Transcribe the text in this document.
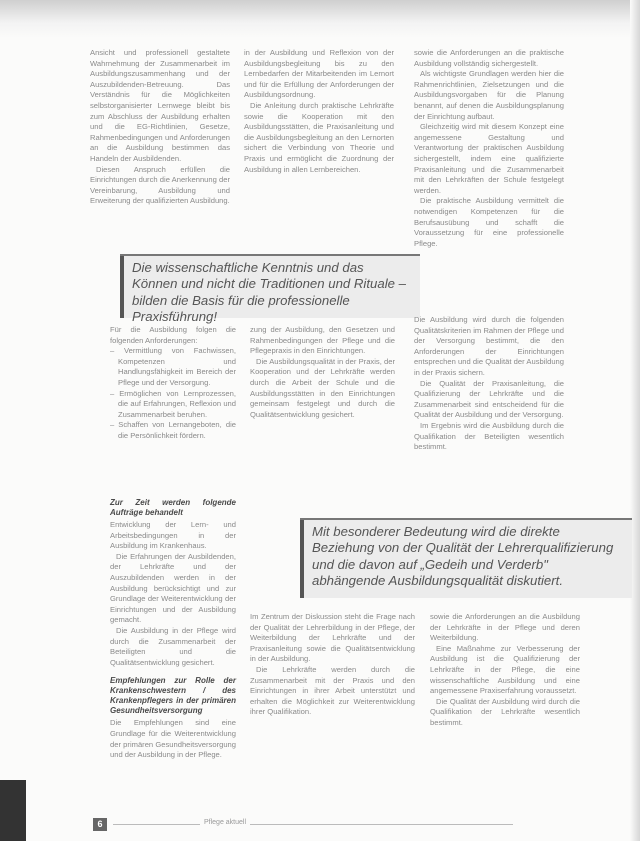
Ansicht und professionell gestaltete Wahrnehmung der Zusammenarbeit im Ausbildungszusammenhang und der Auszubildenden-Betreuung. Das Verständnis für die Möglichkeiten selbstorganisierter Lernwege bleibt bis zum Abschluss der Ausbildung erhalten und die EG-Richtlinien, Gesetze, Rahmenbedingungen und Anforderungen an die Ausbildung bestimmen das Handeln der Ausbildenden.

Diesen Anspruch erfüllen die Einrichtungen durch die Anerkennung der Vereinbarung, Ausbildung und Erweiterung der qualifizierten Ausbildung.

in der Ausbildung und Reflexion von der Ausbildungsbegleitung bis zu den Lernbedarfen der Mitarbeitenden im Lernort und für die Erfüllung der Anforderungen der Ausbildungsordnung.

Die Anleitung durch praktische Lehrkräfte sowie die Kooperation mit den Ausbildungsstätten, die Praxisanleitung und die Ausbildungsbegleitung an den Lernorten sichert die Verbindung von Theorie und Praxis und ermöglicht die Zuordnung der Ausbildung in allen Lernbereichen.

sowie die Anforderungen an die praktische Ausbildung vollständig sichergestellt.

Als wichtigste Grundlagen werden hier die Rahmenrichtlinien, Zielsetzungen und die Ausbildungsvorgaben für die Planung benannt, auf denen die Ausbildungsplanung der Einrichtung aufbaut.

Gleichzeitig wird mit diesem Konzept eine angemessene Gestaltung und Verantwortung der praktischen Ausbildung sichergestellt, indem eine qualifizierte Praxisanleitung und die Zusammenarbeit mit den Lehrkräften der Schule festgelegt werden.

Die praktische Ausbildung vermittelt die notwendigen Kompetenzen für die Berufsausübung und schafft die Voraussetzung für eine professionelle Pflege.

Die wissenschaftliche Kenntnis und das Können und nicht die Traditionen und Rituale – bilden die Basis für die professionelle Praxisführung!

Für die Ausbildung folgen die folgenden Anforderungen:

– Vermittlung von Fachwissen, Kompetenzen und Handlungsfähigkeit im Bereich der Pflege und der Versorgung.

– Ermöglichen von Lernprozessen, die auf Erfahrungen, Reflexion und Zusammenarbeit beruhen.

– Schaffen von Lernangeboten, die die Persönlichkeit fördern.

zung der Ausbildung, den Gesetzen und Rahmenbedingungen der Pflege und die Pflegepraxis in den Einrichtungen.

Die Ausbildungsqualität in der Praxis, der Kooperation und der Lehrkräfte werden durch die Arbeit der Schule und die Ausbildungsstätten in den Einrichtungen gemeinsam festgelegt und durch die Qualitätsentwicklung gesichert.

Die Ausbildung wird durch die folgenden Qualitätskriterien im Rahmen der Pflege und der Versorgung bestimmt, die den Anforderungen der Einrichtungen entsprechen und die Qualität der Ausbildung in der Praxis sichern.

Die Qualität der Praxisanleitung, die Qualifizierung der Lehrkräfte und die Zusammenarbeit sind entscheidend für die Qualität der Ausbildung und der Versorgung.

Im Ergebnis wird die Ausbildung durch die Qualifikation der Beteiligten wesentlich bestimmt.

Zur Zeit werden folgende Aufträge behandelt

Entwicklung der Lern- und Arbeitsbedingungen in der Ausbildung im Krankenhaus.

Die Erfahrungen der Ausbildenden, der Lehrkräfte und der Auszubildenden werden in der Ausbildung berücksichtigt und zur Grundlage der Weiterentwicklung der Einrichtungen und der Ausbildung gemacht.

Die Ausbildung in der Pflege wird durch die Zusammenarbeit der Beteiligten und die Qualitätsentwicklung gesichert.

Empfehlungen zur Rolle der Krankenschwestern / des Krankenpflegers in der primären Gesundheitsversorgung

Die Empfehlungen sind eine Grundlage für die Weiterentwicklung der primären Gesundheitsversorgung und der Ausbildung in der Pflege.

Mit besonderer Bedeutung wird die direkte Beziehung von der Qualität der Lehrerqualifizierung und die davon auf „Gedeih und Verderb" abhängende Ausbildungsqualität diskutiert.

Im Zentrum der Diskussion steht die Frage nach der Qualität der Lehrerbildung in der Pflege, der Weiterbildung der Lehrkräfte und der Praxisanleitung sowie die Qualitätsentwicklung in der Ausbildung.

Die Lehrkräfte werden durch die Zusammenarbeit mit der Praxis und den Einrichtungen in ihrer Arbeit unterstützt und erhalten die Möglichkeit zur Weiterentwicklung ihrer Qualifikation.

sowie die Anforderungen an die Ausbildung der Lehrkräfte in der Pflege und deren Weiterbildung.

Eine Maßnahme zur Verbesserung der Ausbildung ist die Qualifizierung der Lehrkräfte in der Pflege, die eine wissenschaftliche Ausbildung und eine angemessene Praxiserfahrung voraussetzt.

Die Qualität der Ausbildung wird durch die Qualifikation der Lehrkräfte wesentlich bestimmt.

6	Pflege aktuell
